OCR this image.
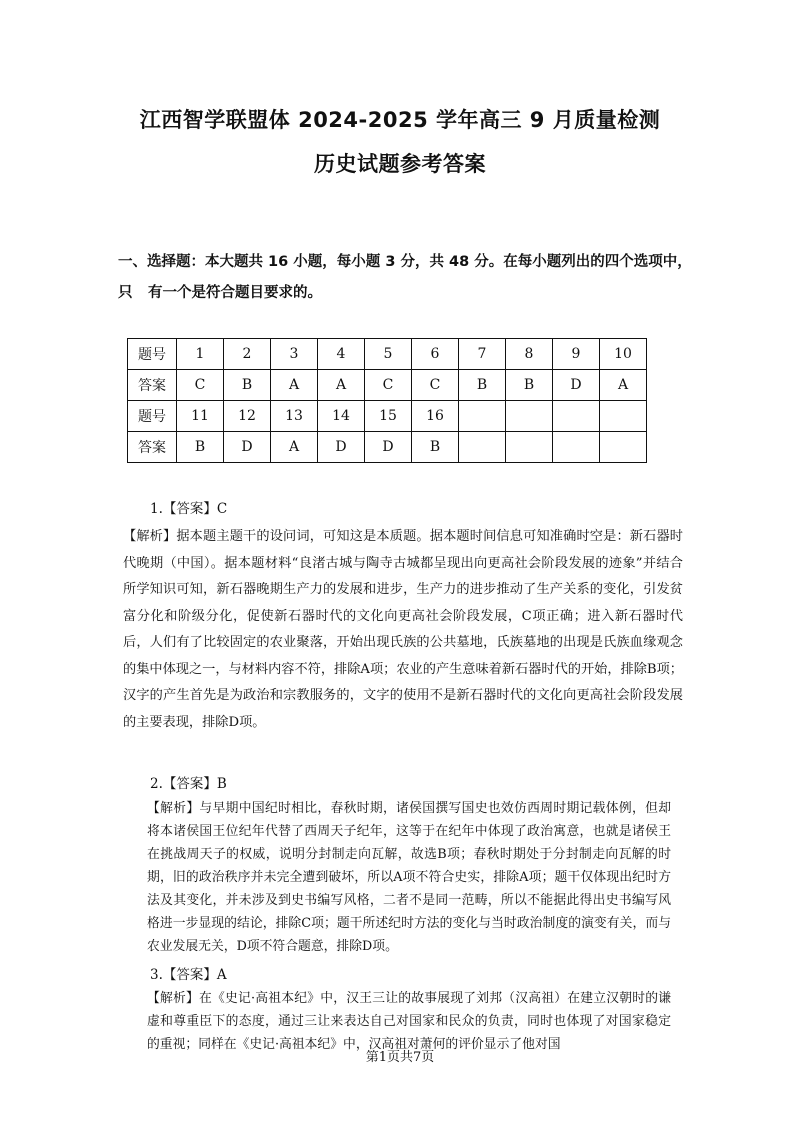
江西智学联盟体 2024-2025 学年高三 9 月质量检测
历史试题参考答案
一、选择题：本大题共 16 小题，每小题 3 分，共 48 分。在每小题列出的四个选项中，只	有一个是符合题目要求的。
题号	1	2	3	4	5	6	7	8	9	10
答案	C	B	A	A	C	C	B	B	D	A
题号	11	12	13	14	15	16				
答案	B	D	A	D	D	B				
1.【答案】C
【解析】据本题主题干的设问词，可知这是本质题。据本题时间信息可知准确时空是：新石器时代晚期（中国）。据本题材料“良渚古城与陶寺古城都呈现出向更高社会阶段发展的迹象”并结合所学知识可知，新石器晚期生产力的发展和进步，生产力的进步推动了生产关系的变化，引发贫富分化和阶级分化，促使新石器时代的文化向更高社会阶段发展，C项正确；进入新石器时代后，人们有了比较固定的农业聚落，开始出现氏族的公共墓地，氏族墓地的出现是氏族血缘观念的集中体现之一，与材料内容不符，排除A项；农业的产生意味着新石器时代的开始，排除B项；汉字的产生首先是为政治和宗教服务的，文字的使用不是新石器时代的文化向更高社会阶段发展的主要表现，排除D项。
2.【答案】B
【解析】与早期中国纪时相比，春秋时期，诸侯国撰写国史也效仿西周时期记载体例，但却将本诸侯国王位纪年代替了西周天子纪年，这等于在纪年中体现了政治寓意，也就是诸侯王在挑战周天子的权威，说明分封制走向瓦解，故选B项；春秋时期处于分封制走向瓦解的时期，旧的政治秩序并未完全遭到破坏，所以A项不符合史实，排除A项；题干仅体现出纪时方法及其变化，并未涉及到史书编写风格，二者不是同一范畴，所以不能据此得出史书编写风格进一步显现的结论，排除C项；题干所述纪时方法的变化与当时政治制度的演变有关，而与农业发展无关，D项不符合题意，排除D项。
3.【答案】A
【解析】在《史记·高祖本纪》中，汉王三让的故事展现了刘邦（汉高祖）在建立汉朝时的谦虚和尊重臣下的态度，通过三让来表达自己对国家和民众的负责，同时也体现了对国家稳定的重视；同样在《史记·高祖本纪》中，汉高祖对萧何的评价显示了他对国
第1页共7页
